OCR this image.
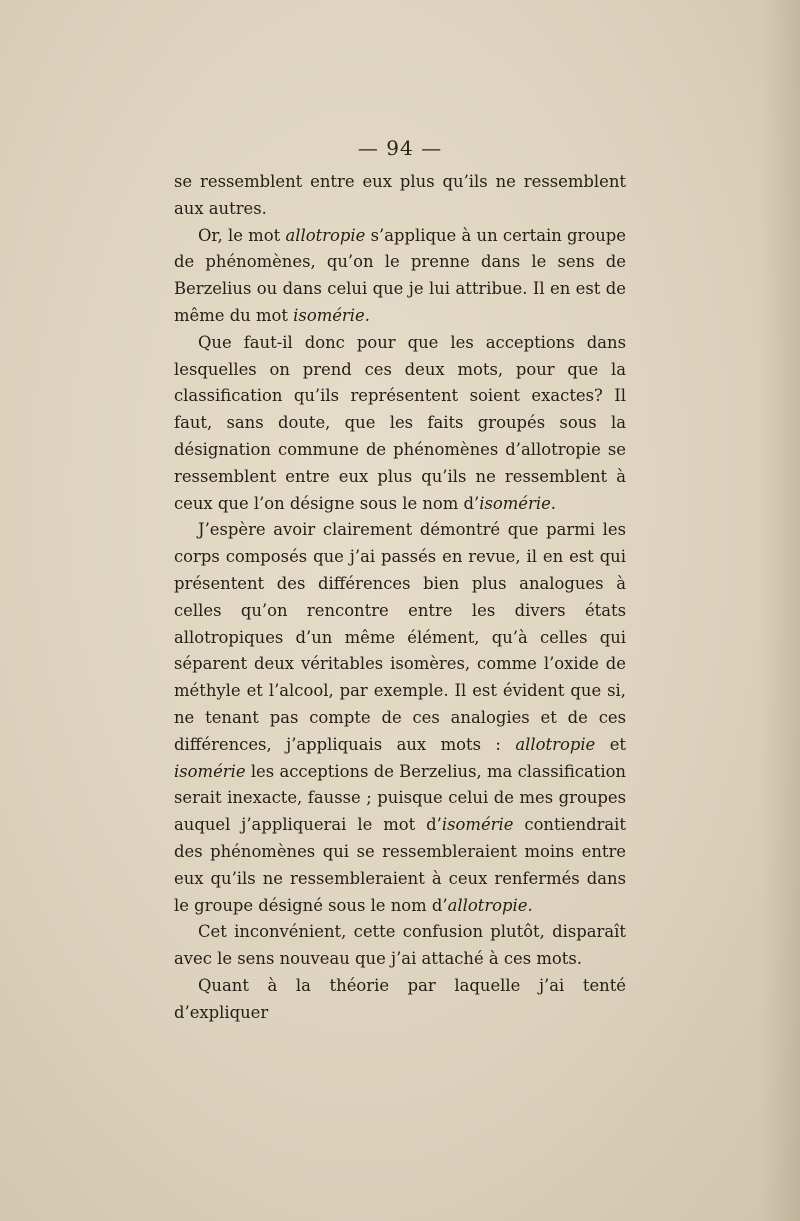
— 94 —

se ressemblent entre eux plus qu’ils ne ressemblent aux autres.

Or, le mot allotropie s’applique à un certain groupe de phénomènes, qu’on le prenne dans le sens de Berzelius ou dans celui que je lui attribue. Il en est de même du mot isomérie.

Que faut-il donc pour que les acceptions dans lesquelles on prend ces deux mots, pour que la classification qu’ils représentent soient exactes? Il faut, sans doute, que les faits groupés sous la désignation commune de phénomènes d’allotropie se ressemblent entre eux plus qu’ils ne ressemblent à ceux que l’on désigne sous le nom d’isomérie.

J’espère avoir clairement démontré que parmi les corps composés que j’ai passés en revue, il en est qui présentent des différences bien plus analogues à celles qu’on rencontre entre les divers états allotropiques d’un même élément, qu’à celles qui séparent deux véritables isomères, comme l’oxide de méthyle et l’alcool, par exemple. Il est évident que si, ne tenant pas compte de ces analogies et de ces différences, j’appliquais aux mots : allotropie et isomérie les acceptions de Berzelius, ma classification serait inexacte, fausse ; puisque celui de mes groupes auquel j’appliquerai le mot d’isomérie contiendrait des phénomènes qui se ressembleraient moins entre eux qu’ils ne ressembleraient à ceux renfermés dans le groupe désigné sous le nom d’allotropie.

Cet inconvénient, cette confusion plutôt, disparaît avec le sens nouveau que j’ai attaché à ces mots.

Quant à la théorie par laquelle j’ai tenté d’expliquer
